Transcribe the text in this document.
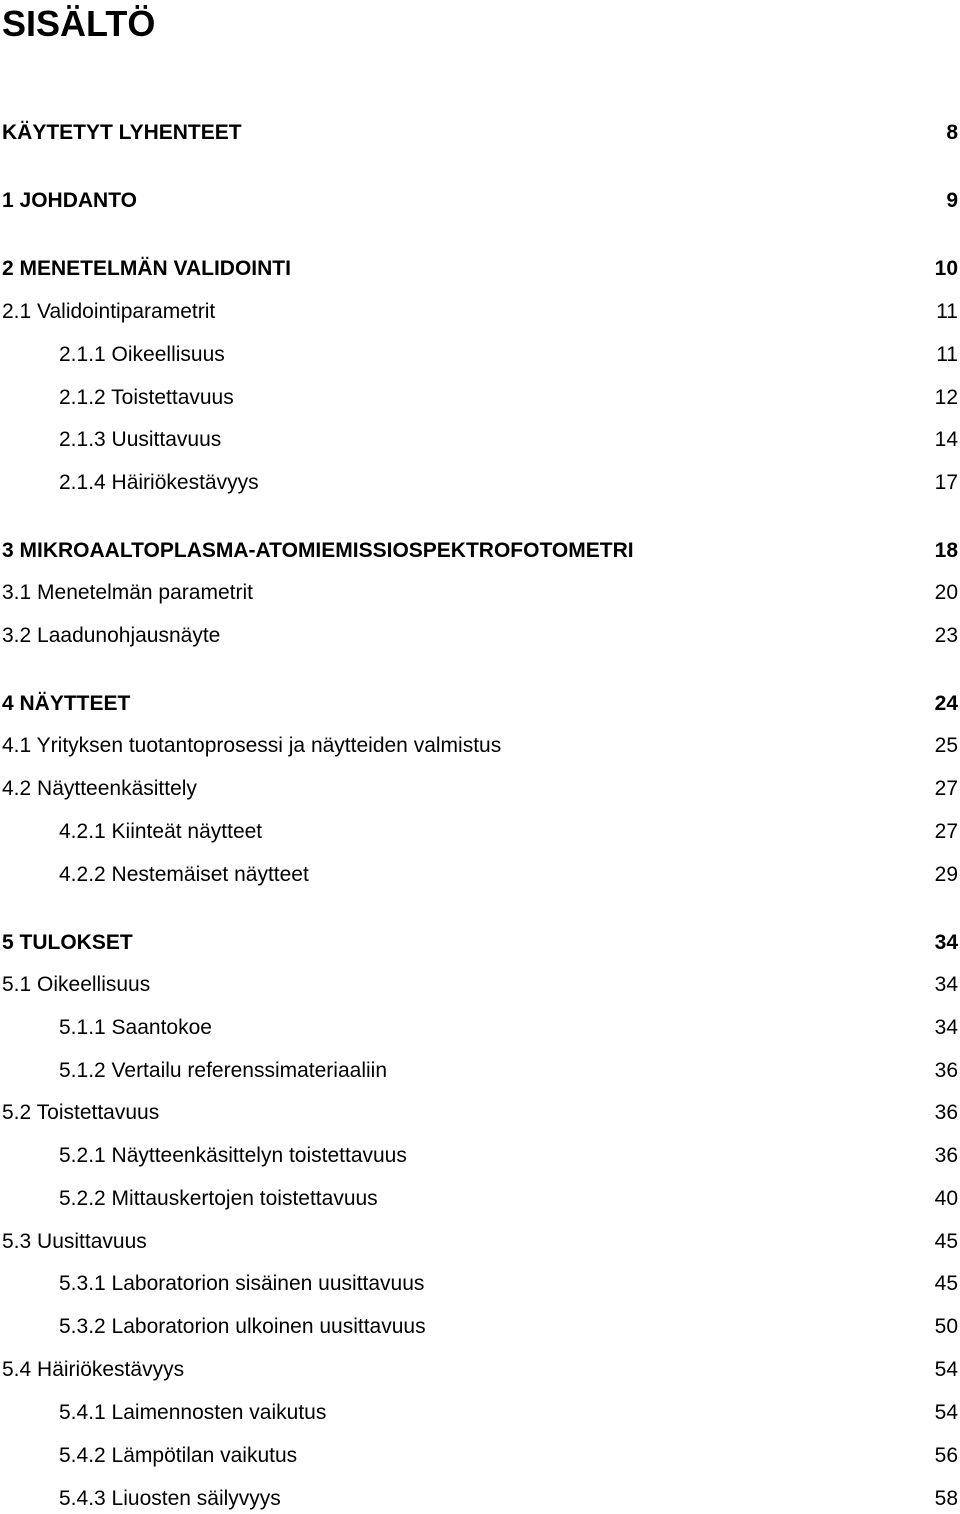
SISÄLTÖ
KÄYTETYT LYHENTEET	8
1 JOHDANTO	9
2 MENETELMÄN VALIDOINTI	10
2.1 Validointiparametrit	11
2.1.1 Oikeellisuus	11
2.1.2 Toistettavuus	12
2.1.3 Uusittavuus	14
2.1.4 Häiriökestävyys	17
3 MIKROAALTOPLASMA-ATOMIEMISSIOSPEKTROFOTOMETRI	18
3.1 Menetelmän parametrit	20
3.2 Laadunohjausnäyte	23
4 NÄYTTEET	24
4.1 Yrityksen tuotantoprosessi ja näytteiden valmistus	25
4.2 Näytteenkäsittely	27
4.2.1 Kiinteät näytteet	27
4.2.2 Nestemäiset näytteet	29
5 TULOKSET	34
5.1 Oikeellisuus	34
5.1.1 Saantokoe	34
5.1.2 Vertailu referenssimateriaaliin	36
5.2 Toistettavuus	36
5.2.1 Näytteenkäsittelyn toistettavuus	36
5.2.2 Mittauskertojen toistettavuus	40
5.3 Uusittavuus	45
5.3.1 Laboratorion sisäinen uusittavuus	45
5.3.2 Laboratorion ulkoinen uusittavuus	50
5.4 Häiriökestävyys	54
5.4.1 Laimennosten vaikutus	54
5.4.2 Lämpötilan vaikutus	56
5.4.3 Liuosten säilyvyys	58
